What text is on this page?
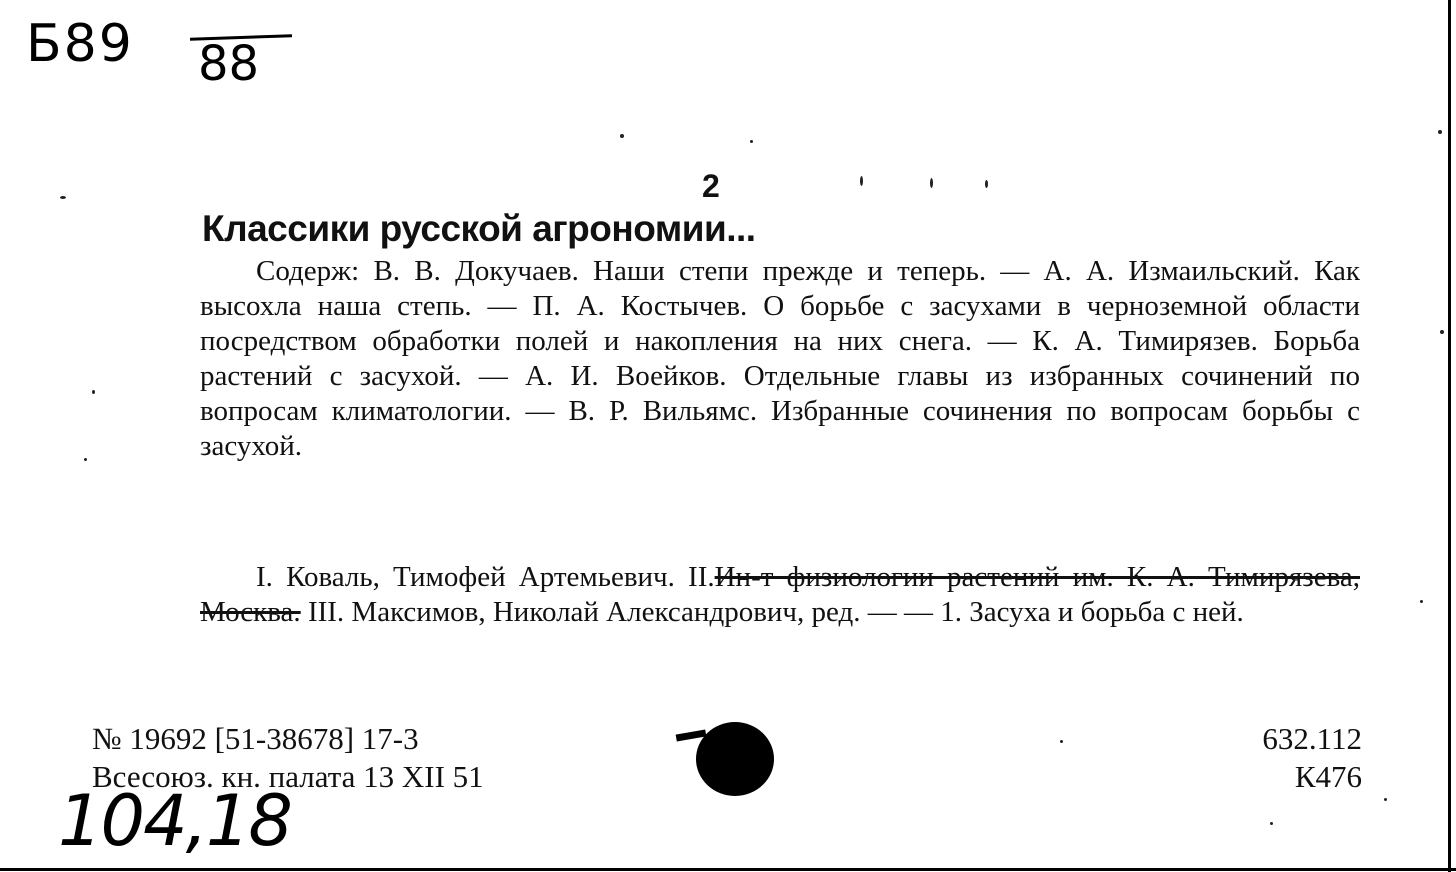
Б89 88
2
Классики русской агрономии...

Содерж: В. В. Докучаев. Наши степи прежде и теперь. — А. А. Измаильский. Как высохла наша степь. — П. А. Костычев. О борьбе с засухами в черноземной области посредством обработки полей и накопления на них снега. — К. А. Тимирязев. Борьба растений с засухой. — А. И. Воейков. Отдельные главы из избранных сочинений по вопросам климатологии. — В. Р. Вильямс. Избранные сочинения по вопросам борьбы с засухой.

I. Коваль, Тимофей Артемьевич. II.Ин-т физиологии растений им. К. А. Тимирязева, Москва. III. Максимов, Николай Александрович, ред. — — 1. Засуха и борьба с ней.

№ 19692 [51-38678] 17-3
Всесоюз. кн. палата 13 XII 51
632.112
К476
104,18
